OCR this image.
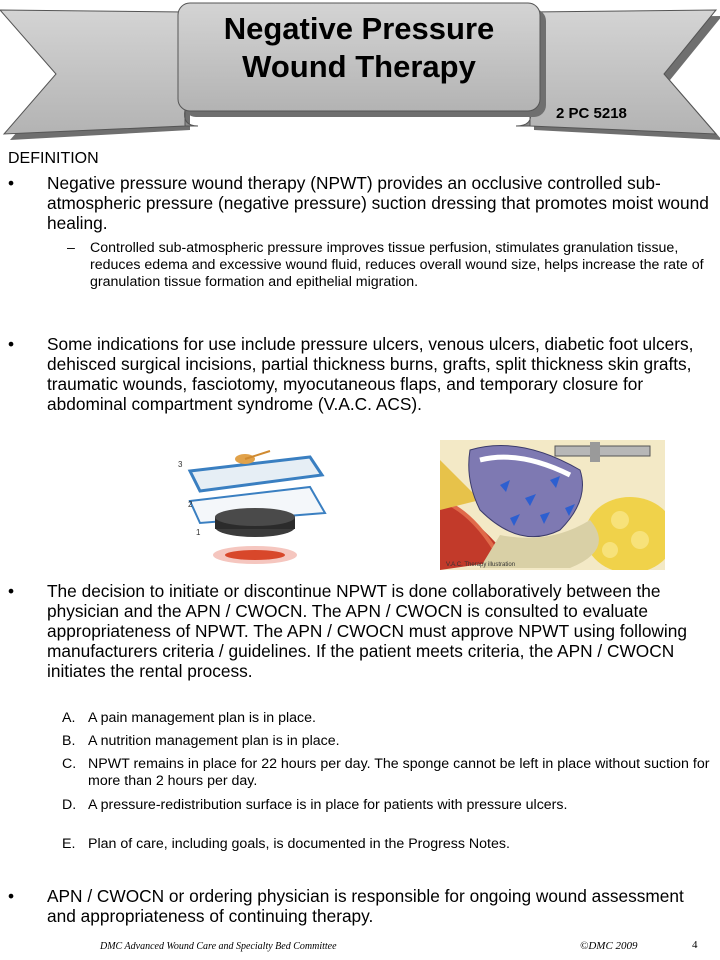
Negative Pressure
Wound Therapy
2 PC 5218
DEFINITION
•	Negative pressure wound therapy (NPWT) provides an occlusive controlled sub-atmospheric pressure (negative pressure) suction dressing that promotes moist wound healing.
– Controlled sub-atmospheric pressure improves tissue perfusion, stimulates granulation tissue, reduces edema and excessive wound fluid, reduces overall wound size, helps increase the rate of granulation tissue formation and epithelial migration.
•	Some indications for use include pressure ulcers, venous ulcers, diabetic foot ulcers, dehisced surgical incisions, partial thickness burns, grafts, split thickness skin grafts, traumatic wounds, fasciotomy, myocutaneous flaps, and temporary closure for abdominal compartment syndrome (V.A.C. ACS).
3
2
1
V.A.C. Therapy illustration
•	The decision to initiate or discontinue NPWT is done collaboratively between the physician and the APN / CWOCN. The APN / CWOCN is consulted to evaluate appropriateness of NPWT. The APN / CWOCN must approve NPWT using following manufacturers criteria / guidelines. If the patient meets criteria, the APN / CWOCN initiates the rental process.
A. A pain management plan is in place.
B. A nutrition management plan is in place.
C. NPWT remains in place for 22 hours per day. The sponge cannot be left in place without suction for more than 2 hours per day.
D. A pressure-redistribution surface is in place for patients with pressure ulcers.
E. Plan of care, including goals, is documented in the Progress Notes.
•	APN / CWOCN or ordering physician is responsible for ongoing wound assessment and appropriateness of continuing therapy.
DMC Advanced Wound Care and Specialty Bed Committee	©DMC 2009	4
